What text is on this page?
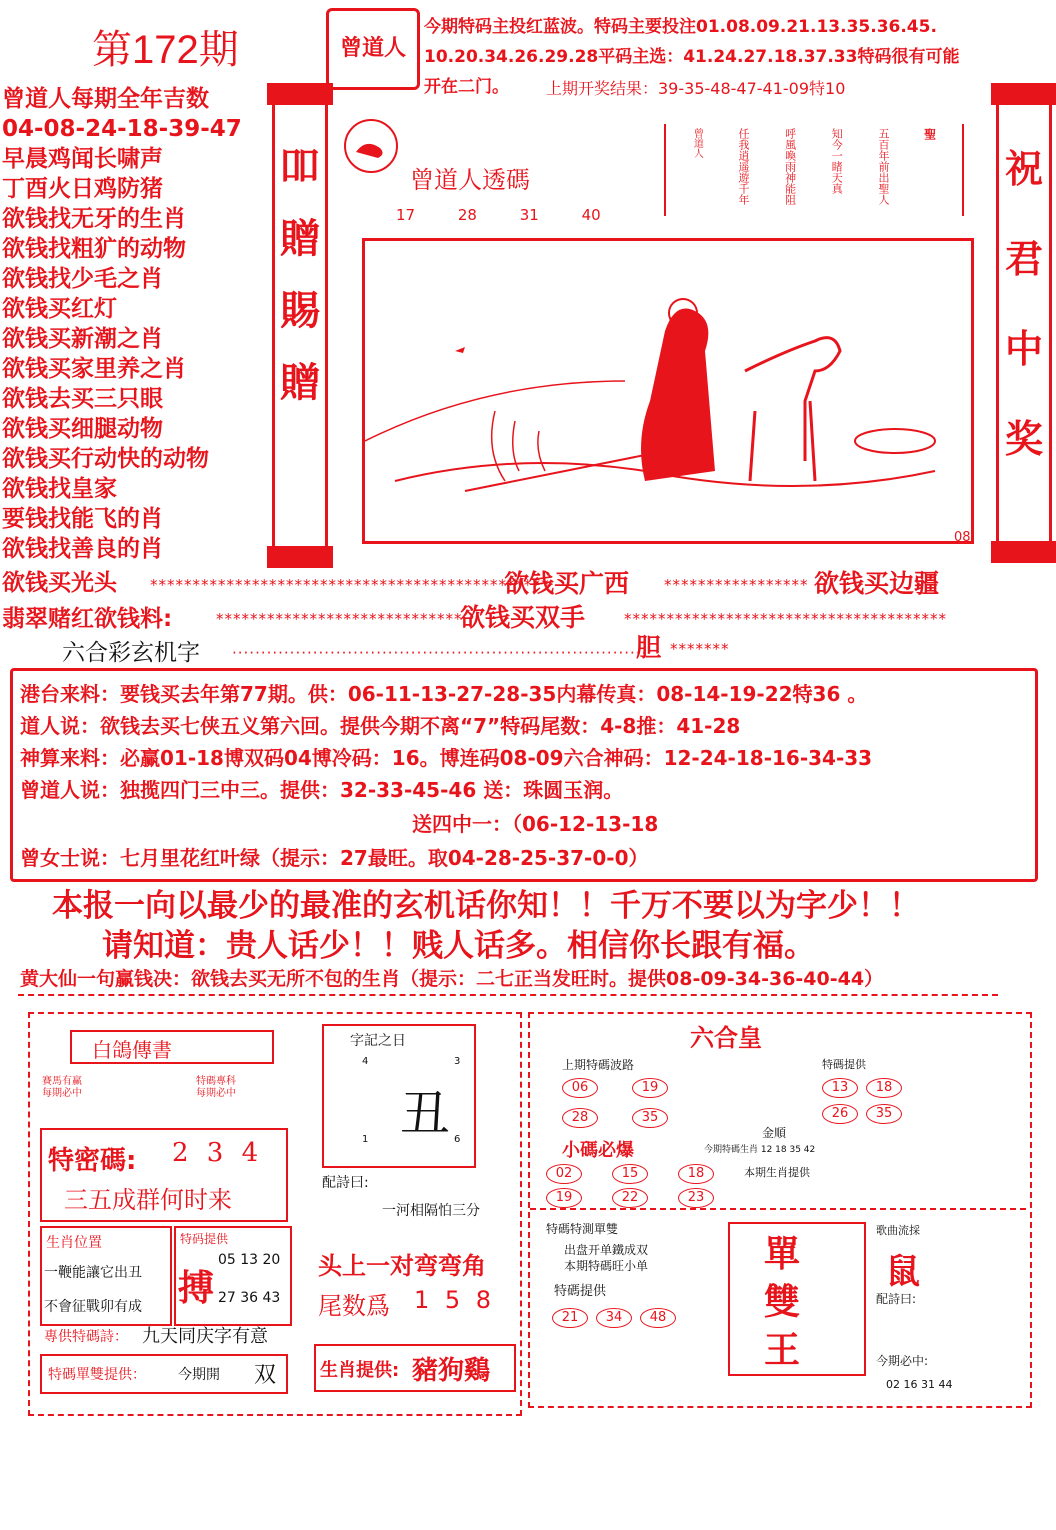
第172期	曾道人
今期特码主投红蓝波。特码主要投注01.08.09.21.13.35.36.45.
10.20.34.26.29.28平码主选：41.24.27.18.37.33特码很有可能
开在二门。 上期开奖结果：39-35-48-47-41-09特10
曾道人每期全年吉数
04-08-24-18-39-47
早晨鸡闻长啸声
丁酉火日鸡防猪
欲钱找无牙的生肖
欲钱找粗犷的动物
欲钱找少毛之肖
欲钱买红灯
欲钱买新潮之肖
欲钱买家里养之肖
欲钱去买三只眼
欲钱买细腿动物
欲钱买行动快的动物
欲钱找皇家
要钱找能飞的肖
欲钱找善良的肖
吅
贈
賜
贈
祝
君
中
奖
聖
五百年前出聖人
知今一睹天真
呼風喚雨神能阻
任我逍遥遊千年
曾道人
曾道人透碼
17	28	31	40
08
欲钱买光头 ***********************************************
欲钱买广西 ***************** 欲钱买边疆
翡翠赌红欲钱料:	*****************************
欲钱买双手	**************************************
六合彩玄机字 ········································································
胆 *******
港台来料：要钱买去年第77期。供：06-11-13-27-28-35内幕传真：08-14-19-22特36 。
道人说：欲钱去买七侠五义第六回。提供今期不离“7”特码尾数：4-8推：41-28
神算来料：必赢01-18博双码04博冷码：16。博连码08-09六合神码：12-24-18-16-34-33
曾道人说：独揽四门三中三。提供：32-33-45-46 送：珠圆玉润。
送四中一：（06-12-13-18
曾女士说：七月里花红叶绿（提示：27最旺。取04-28-25-37-0-0）
本报一向以最少的最准的玄机话你知！！千万不要以为字少！！
请知道：贵人话少！！贱人话多。相信你长跟有福。
黄大仙一句赢钱决：欲钱去买无所不包的生肖（提示：二七正当发旺时。提供08-09-34-36-40-44）
白鴿傳書
賽馬有赢
每期必中
特碼專科
每期必中
特密碼: 2 3 4
三五成群何时来
生肖位置
一鞭能讓它出丑
不會征戰卯有成
特码提供
搏
05 13 20
27 36 43
專供特碼詩： 九天同庆字有意
特碼單雙提供： 今期開 双
字記之日
4	3
丑
1	6
配詩曰:
一河相隔怕三分
头上一对弯弯角
尾数爲 1 5 8
生肖提供: 豬狗鷄
六合皇
上期特碼波路
06	19
28	35
特碼提供
13 18
26 35
金順
小碼必爆	今期特碼生肖 12 18 35 42
02	15	18
19	22	23
本期生肖提供
特碼特測單雙
出盘开单鐵成双
本期特碼旺小单
特碼提供
21 34 48
單
雙
王
歌曲流採
鼠
配詩曰:
今期必中:
02 16 31 44
